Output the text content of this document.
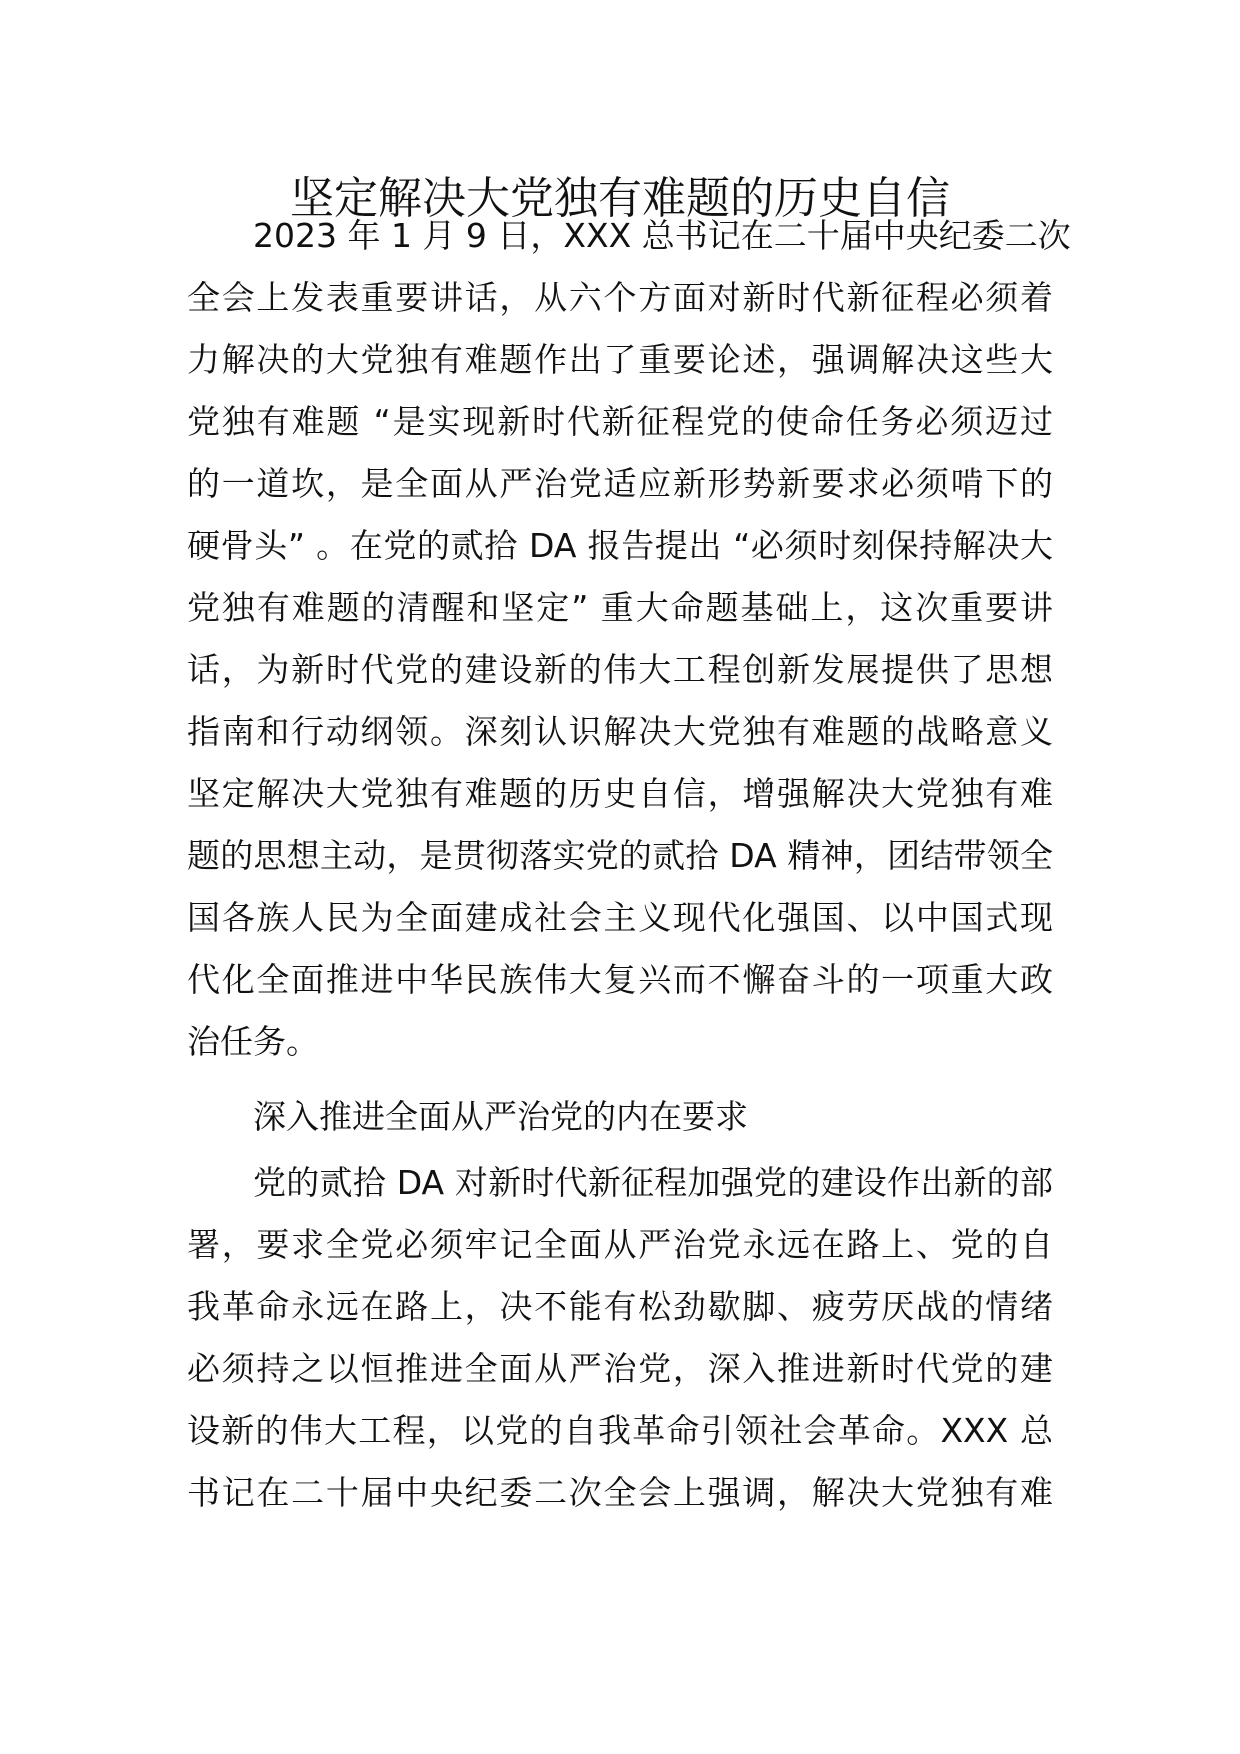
坚定解决大党独有难题的历史自信

2023 年 1 月 9 日，XXX 总书记在二十届中央纪委二次

全会上发表重要讲话，从六个方面对新时代新征程必须着

力解决的大党独有难题作出了重要论述，强调解决这些大

党独有难题 “是实现新时代新征程党的使命任务必须迈过

的一道坎，是全面从严治党适应新形势新要求必须啃下的

硬骨头” 。在党的贰拾 DA 报告提出 “必须时刻保持解决大

党独有难题的清醒和坚定” 重大命题基础上，这次重要讲

话，为新时代党的建设新的伟大工程创新发展提供了思想

指南和行动纲领。深刻认识解决大党独有难题的战略意义

坚定解决大党独有难题的历史自信，增强解决大党独有难

题的思想主动，是贯彻落实党的贰拾 DA 精神，团结带领全

国各族人民为全面建成社会主义现代化强国、以中国式现

代化全面推进中华民族伟大复兴而不懈奋斗的一项重大政

治任务。

深入推进全面从严治党的内在要求

党的贰拾 DA 对新时代新征程加强党的建设作出新的部

署，要求全党必须牢记全面从严治党永远在路上、党的自

我革命永远在路上，决不能有松劲歇脚、疲劳厌战的情绪

必须持之以恒推进全面从严治党，深入推进新时代党的建

设新的伟大工程，以党的自我革命引领社会革命。XXX 总

书记在二十届中央纪委二次全会上强调，解决大党独有难
